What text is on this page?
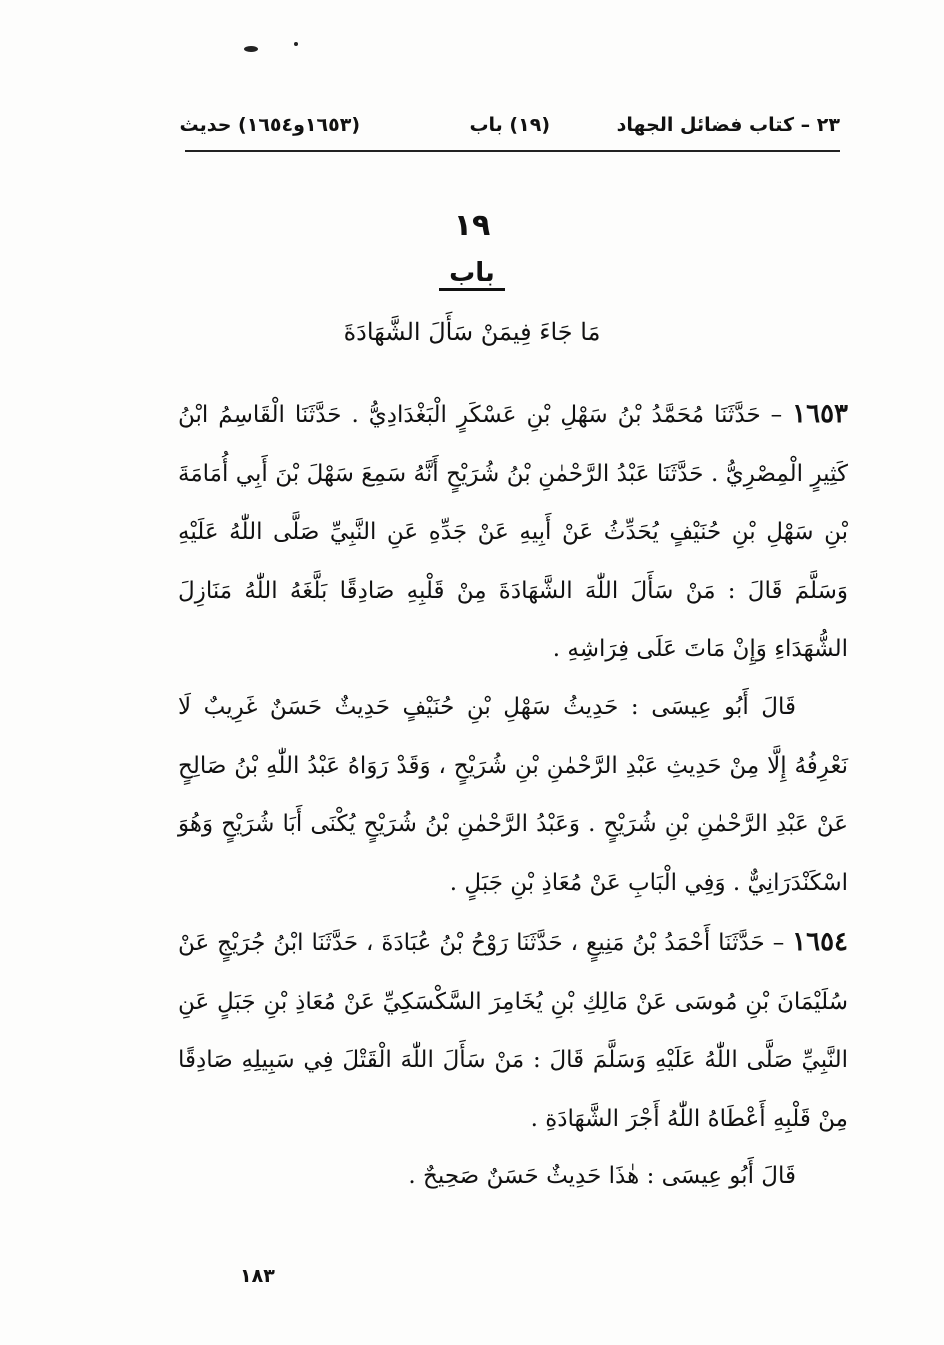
٢٣ – كتاب فضائل الجهاد
(١٩) باب
(١٦٥٣و١٦٥٤) حديث
١٩
باب
مَا جَاءَ فِيمَنْ سَأَلَ الشَّهَادَةَ
١٦٥٣ – حَدَّثَنَا مُحَمَّدُ بْنُ سَهْلِ بْنِ عَسْكَرٍ الْبَغْدَادِيُّ . حَدَّثَنَا الْقَاسِمُ ابْنُ كَثِيرٍ الْمِصْرِيُّ . حَدَّثَنَا عَبْدُ الرَّحْمٰنِ بْنُ شُرَيْحٍ أَنَّهُ سَمِعَ سَهْلَ بْنَ أَبِي أُمَامَةَ بْنِ سَهْلِ بْنِ حُنَيْفٍ يُحَدِّثُ عَنْ أَبِيهِ عَنْ جَدِّهِ عَنِ النَّبِيِّ صَلَّى اللّٰهُ عَلَيْهِ وَسَلَّمَ قَالَ : مَنْ سَأَلَ اللّٰهَ الشَّهَادَةَ مِنْ قَلْبِهِ صَادِقًا بَلَّغَهُ اللّٰهُ مَنَازِلَ الشُّهَدَاءِ وَإِنْ مَاتَ عَلَى فِرَاشِهِ .
قَالَ أَبُو عِيسَى : حَدِيثُ سَهْلِ بْنِ حُنَيْفٍ حَدِيثٌ حَسَنٌ غَرِيبٌ لَا نَعْرِفُهُ إِلَّا مِنْ حَدِيثِ عَبْدِ الرَّحْمٰنِ بْنِ شُرَيْحٍ ، وَقَدْ رَوَاهُ عَبْدُ اللّٰهِ بْنُ صَالِحٍ عَنْ عَبْدِ الرَّحْمٰنِ بْنِ شُرَيْحٍ . وَعَبْدُ الرَّحْمٰنِ بْنُ شُرَيْحٍ يُكْنَى أَبَا شُرَيْحٍ وَهُوَ اسْكَنْدَرَانِيٌّ . وَفِي الْبَابِ عَنْ مُعَاذِ بْنِ جَبَلٍ .
١٦٥٤ – حَدَّثَنَا أَحْمَدُ بْنُ مَنِيعٍ ، حَدَّثَنَا رَوْحُ بْنُ عُبَادَةَ ، حَدَّثَنَا ابْنُ جُرَيْجٍ عَنْ سُلَيْمَانَ بْنِ مُوسَى عَنْ مَالِكِ بْنِ يُخَامِرَ السَّكْسَكِيِّ عَنْ مُعَاذِ بْنِ جَبَلٍ عَنِ النَّبِيِّ صَلَّى اللّٰهُ عَلَيْهِ وَسَلَّمَ قَالَ : مَنْ سَأَلَ اللّٰهَ الْقَتْلَ فِي سَبِيلِهِ صَادِقًا مِنْ قَلْبِهِ أَعْطَاهُ اللّٰهُ أَجْرَ الشَّهَادَةِ .
قَالَ أَبُو عِيسَى : هٰذَا حَدِيثٌ حَسَنٌ صَحِيحٌ .
١٨٣
